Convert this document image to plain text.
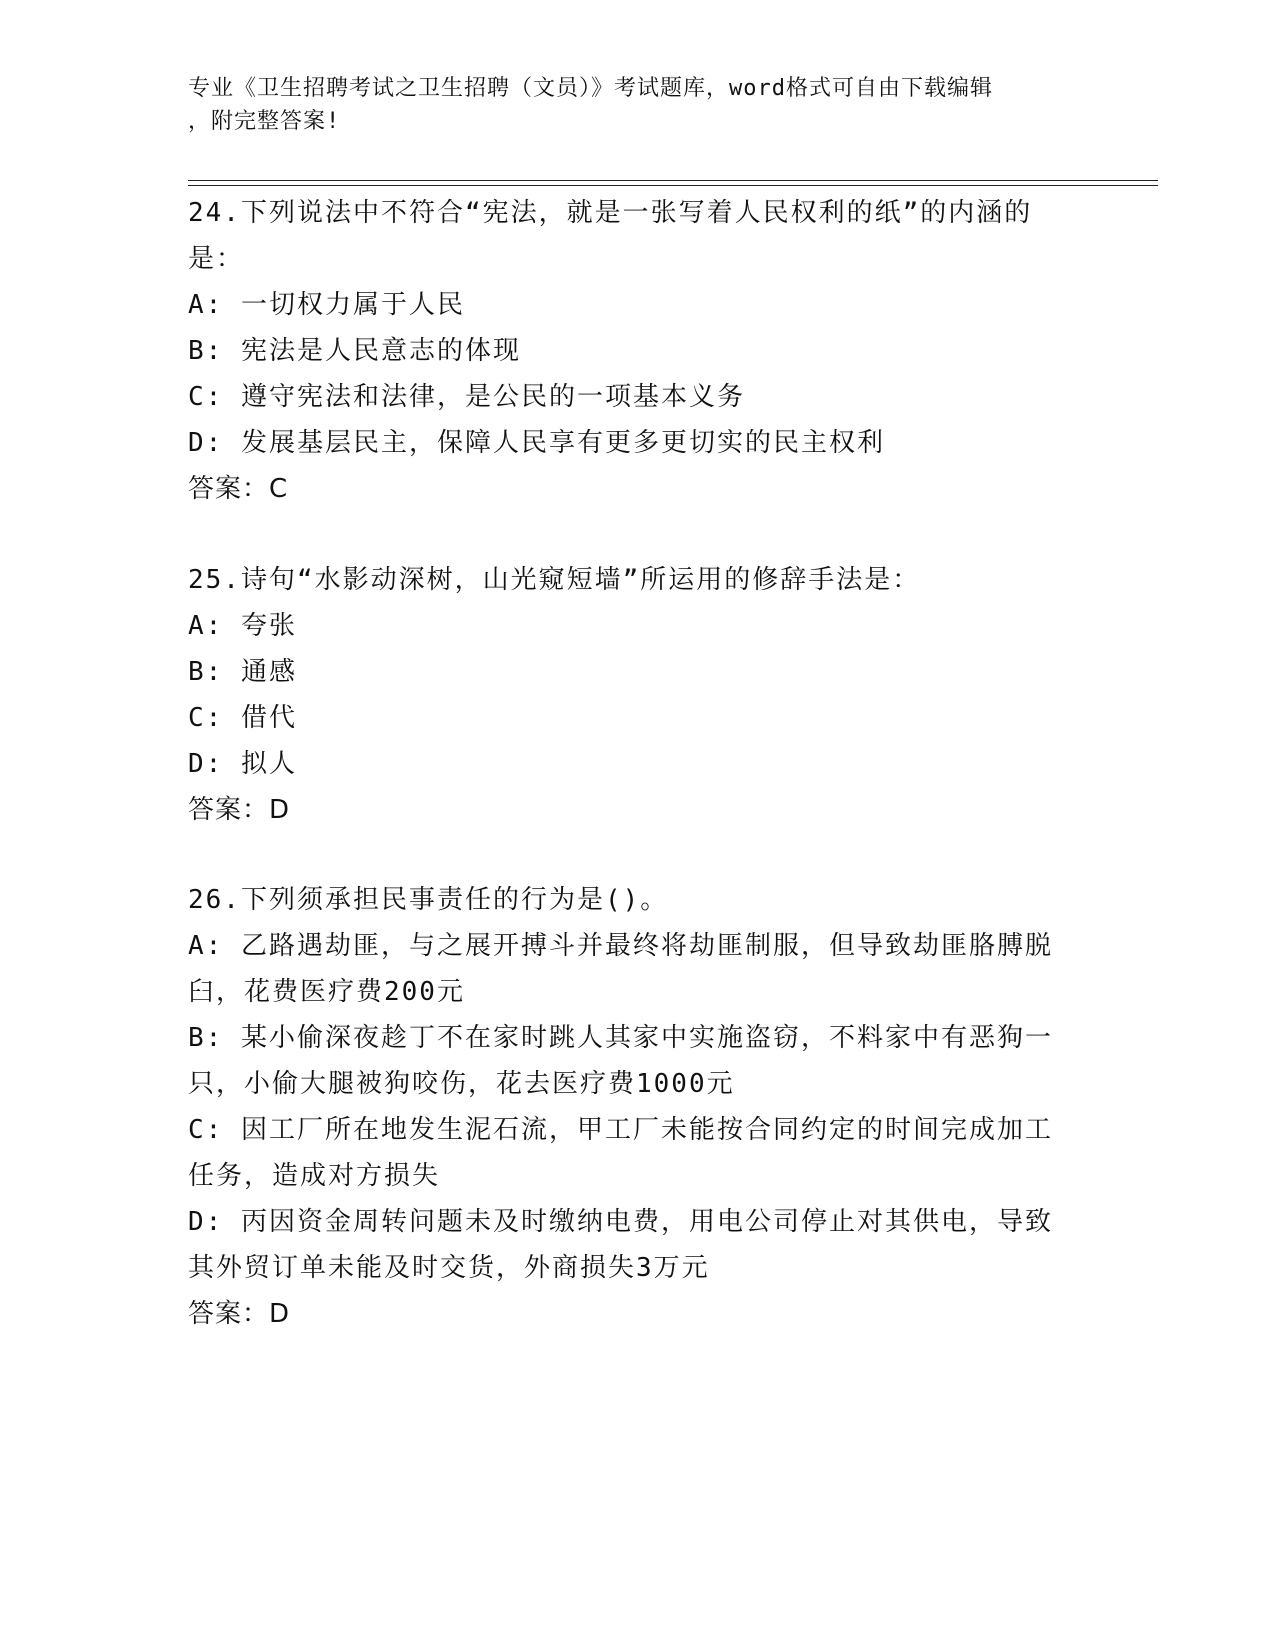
专业《卫生招聘考试之卫生招聘（文员）》考试题库，word格式可自由下载编辑
，附完整答案!
24.下列说法中不符合“宪法，就是一张写着人民权利的纸”的内涵的是：
A: 一切权力属于人民
B: 宪法是人民意志的体现
C: 遵守宪法和法律，是公民的一项基本义务
D: 发展基层民主，保障人民享有更多更切实的民主权利
答案：C
25.诗句“水影动深树，山光窥短墙”所运用的修辞手法是：
A: 夸张
B: 通感
C: 借代
D: 拟人
答案：D
26.下列须承担民事责任的行为是()。
A: 乙路遇劫匪，与之展开搏斗并最终将劫匪制服，但导致劫匪胳膊脱臼，花费医疗费200元
B: 某小偷深夜趁丁不在家时跳人其家中实施盗窃，不料家中有恶狗一只，小偷大腿被狗咬伤，花去医疗费1000元
C: 因工厂所在地发生泥石流，甲工厂未能按合同约定的时间完成加工任务，造成对方损失
D: 丙因资金周转问题未及时缴纳电费，用电公司停止对其供电，导致其外贸订单未能及时交货，外商损失3万元
答案：D
